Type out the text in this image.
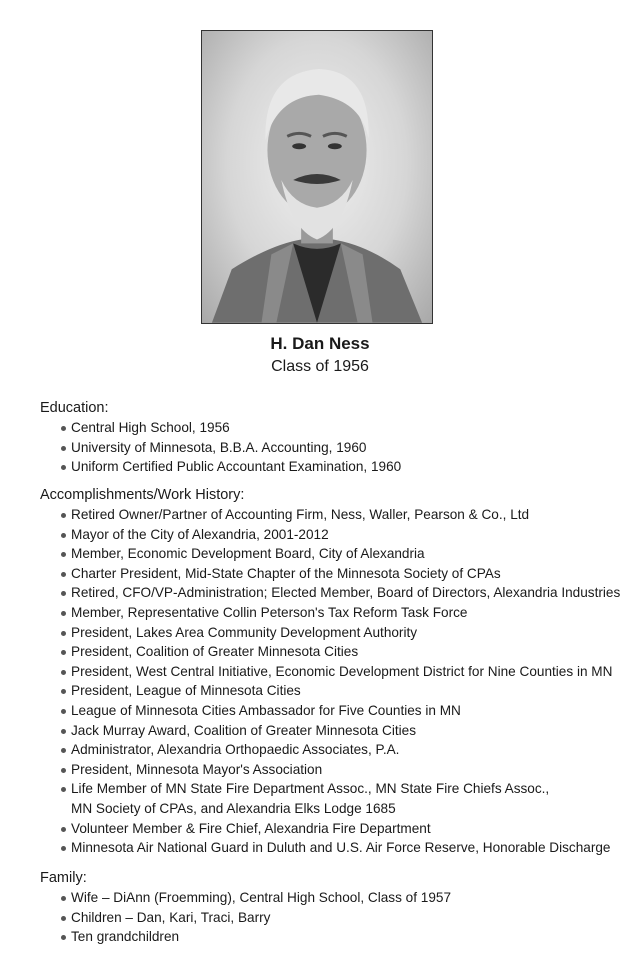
H. Dan Ness
Class of 1956
Education:
Central High School, 1956
University of Minnesota, B.B.A. Accounting, 1960
Uniform Certified Public Accountant Examination, 1960
Accomplishments/Work History:
Retired Owner/Partner of Accounting Firm, Ness, Waller, Pearson & Co., Ltd
Mayor of the City of Alexandria, 2001-2012
Member, Economic Development Board, City of Alexandria
Charter President, Mid-State Chapter of the Minnesota Society of CPAs
Retired, CFO/VP-Administration; Elected Member, Board of Directors, Alexandria Industries
Member, Representative Collin Peterson's Tax Reform Task Force
President, Lakes Area Community Development Authority
President, Coalition of Greater Minnesota Cities
President, West Central Initiative, Economic Development District for Nine Counties in MN
President, League of Minnesota Cities
League of Minnesota Cities Ambassador for Five Counties in MN
Jack Murray Award, Coalition of Greater Minnesota Cities
Administrator, Alexandria Orthopaedic Associates, P.A.
President, Minnesota Mayor's Association
Life Member of MN State Fire Department Assoc., MN State Fire Chiefs Assoc.,
MN Society of CPAs, and Alexandria Elks Lodge 1685
Volunteer Member & Fire Chief, Alexandria Fire Department
Minnesota Air National Guard in Duluth and U.S. Air Force Reserve, Honorable Discharge
Family:
Wife – DiAnn (Froemming), Central High School, Class of 1957
Children – Dan, Kari, Traci, Barry
Ten grandchildren
